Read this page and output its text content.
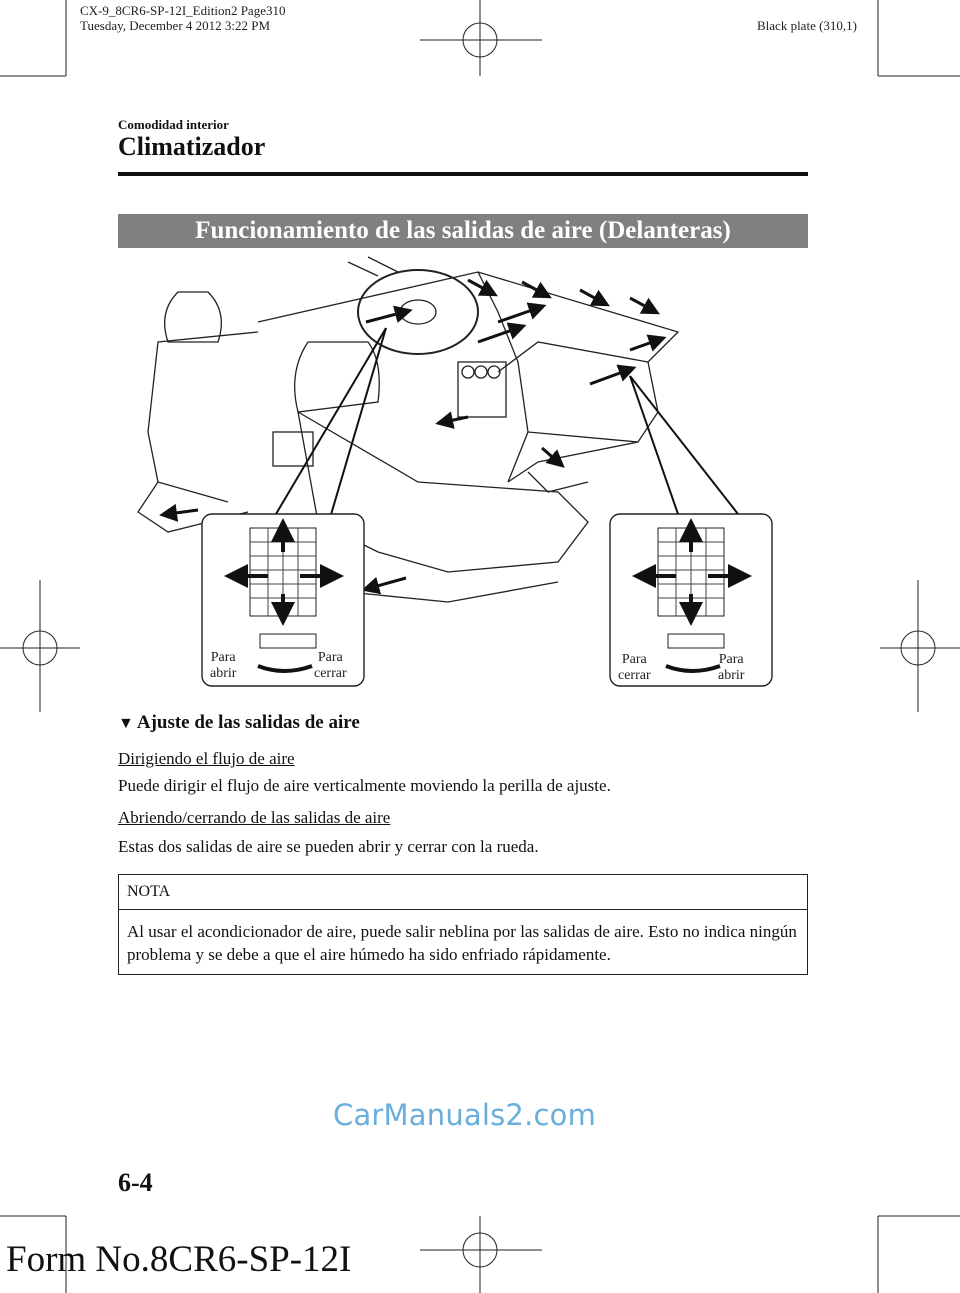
CX-9_8CR6-SP-12I_Edition2 Page310
Tuesday, December 4 2012 3:22 PM	Black plate (310,1)
Comodidad interior
Climatizador
Funcionamiento de las salidas de aire (Delanteras)
Para
abrir
Para
cerrar
Para
cerrar
Para
abrir
▼ Ajuste de las salidas de aire
Dirigiendo el flujo de aire
Puede dirigir el flujo de aire verticalmente moviendo la perilla de ajuste.
Abriendo/cerrando de las salidas de aire
Estas dos salidas de aire se pueden abrir y cerrar con la rueda.
NOTA
Al usar el acondicionador de aire, puede salir neblina por las salidas de aire. Esto no indica ningún problema y se debe a que el aire húmedo ha sido enfriado rápidamente.
CarManuals2.com
6-4
Form No.8CR6-SP-12I
